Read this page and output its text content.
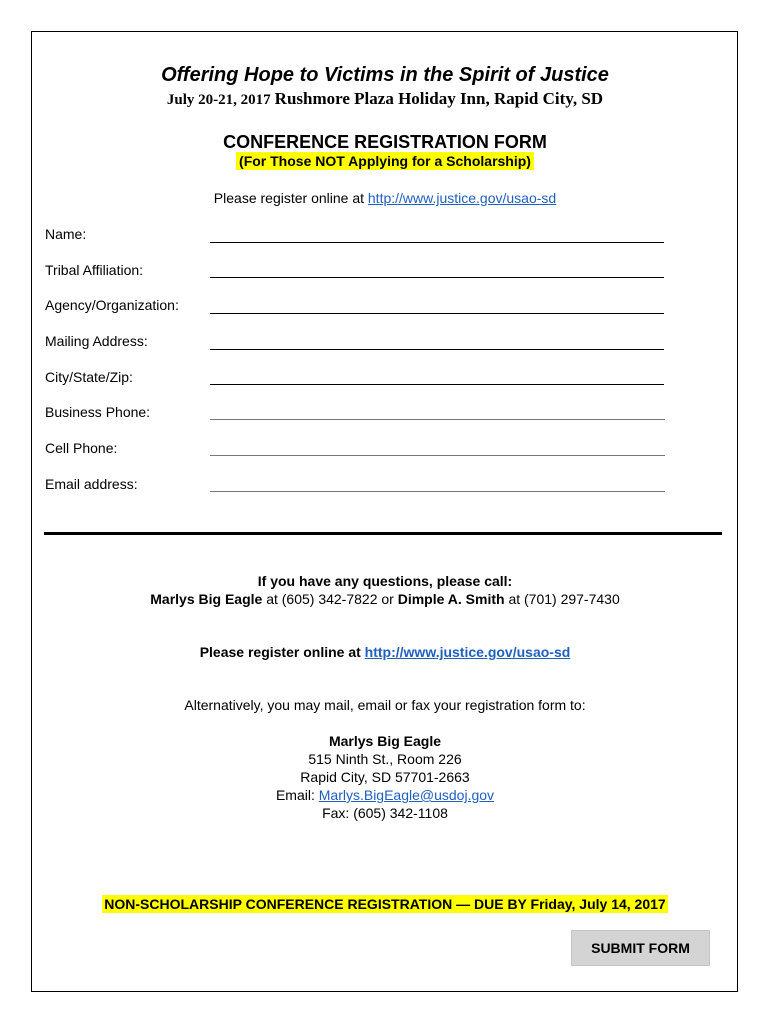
Offering Hope to Victims in the Spirit of Justice
July 20-21, 2017 Rushmore Plaza Holiday Inn, Rapid City, SD
CONFERENCE REGISTRATION FORM
(For Those NOT Applying for a Scholarship)
Please register online at http://www.justice.gov/usao-sd
Name:
Tribal Affiliation:
Agency/Organization:
Mailing Address:
City/State/Zip:
Business Phone:
Cell Phone:
Email address:
If you have any questions, please call:
Marlys Big Eagle at (605) 342-7822 or Dimple A. Smith at (701) 297-7430
Please register online at http://www.justice.gov/usao-sd
Alternatively, you may mail, email or fax your registration form to:
Marlys Big Eagle
515 Ninth St., Room 226
Rapid City, SD 57701-2663
Email: Marlys.BigEagle@usdoj.gov
Fax: (605) 342-1108
NON-SCHOLARSHIP CONFERENCE REGISTRATION — DUE BY Friday, July 14, 2017
SUBMIT FORM
